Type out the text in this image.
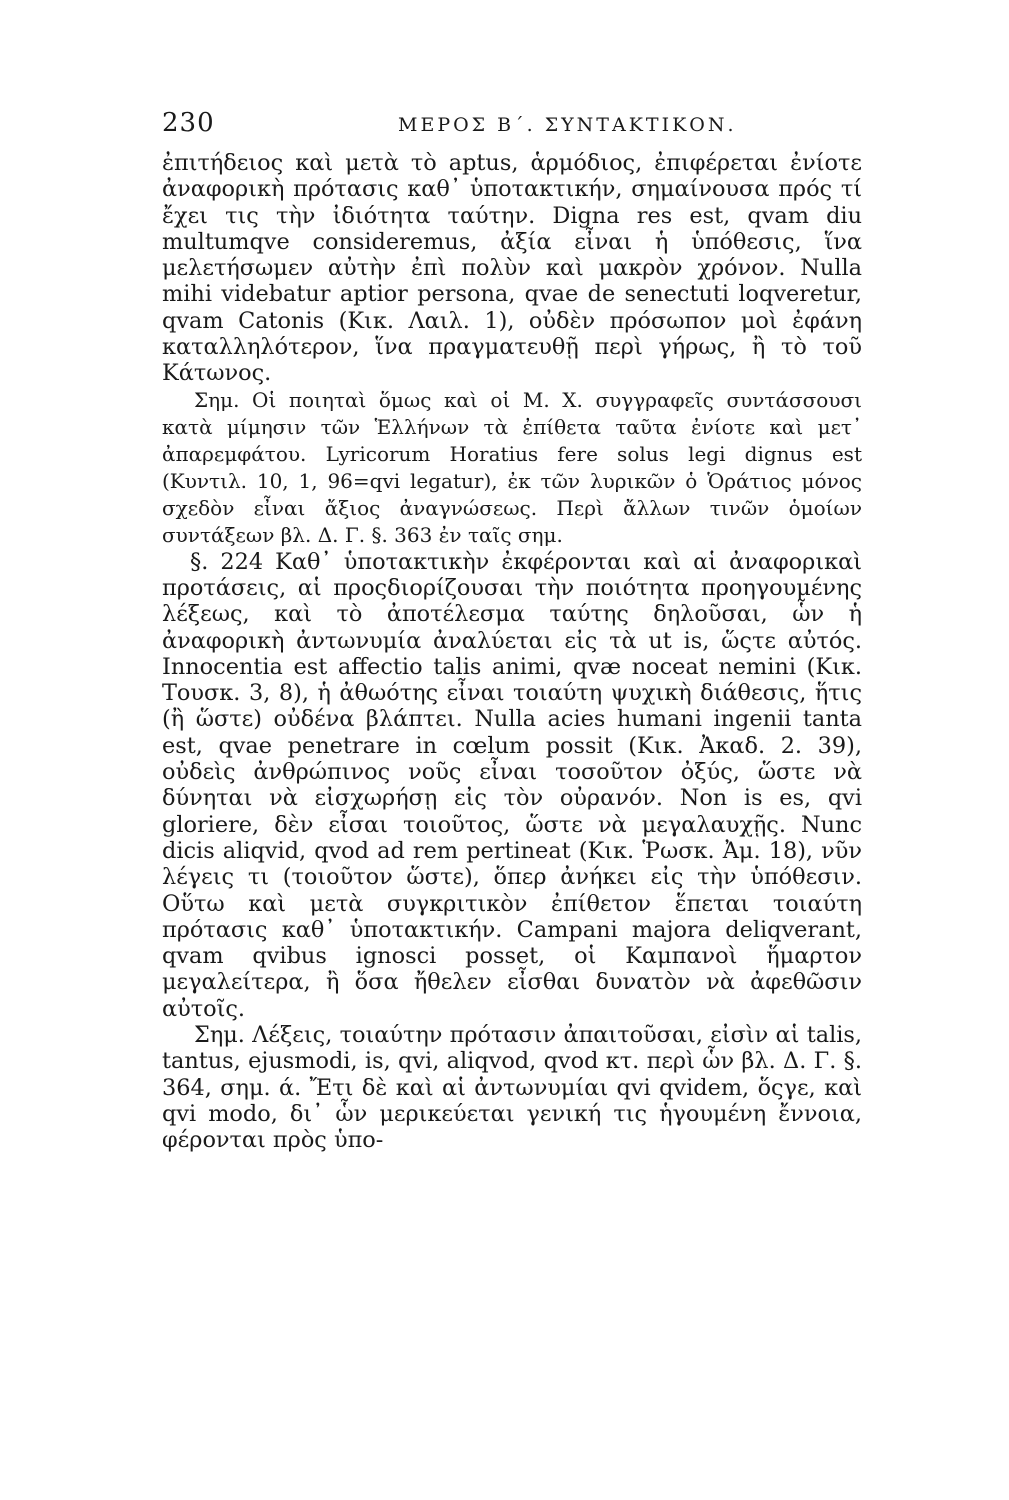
230	ΜΕΡΟΣ Β΄. ΣΥΝΤΑΚΤΙΚΟΝ.

ἐπιτήδειος καὶ μετὰ τὸ aptus, ἁρμόδιος, ἐπιφέρεται ἐνίοτε ἀναφορικὴ πρότασις καθ᾽ ὑποτακτικήν, σημαίνουσα πρός τί ἔχει τις τὴν ἰδιότητα ταύτην. Digna res est, qvam diu multumqve consideremus, ἀξία εἶναι ἡ ὑπόθεσις, ἵνα μελετήσωμεν αὐτὴν ἐπὶ πολὺν καὶ μακρὸν χρόνον. Nulla mihi videbatur aptior persona, qvae de senectuti loqveretur, qvam Catonis (Κικ. Λαιλ. 1), οὐδὲν πρόσωπον μοὶ ἐφάνη καταλληλότερον, ἵνα πραγματευθῇ περὶ γήρως, ἢ τὸ τοῦ Κάτωνος.

Σημ. Οἱ ποιηταὶ ὅμως καὶ οἱ Μ. Χ. συγγραφεῖς συντάσσουσι κατὰ μίμησιν τῶν Ἑλλήνων τὰ ἐπίθετα ταῦτα ἐνίοτε καὶ μετ᾽ ἀπαρεμφάτου. Lyricorum Horatius fere solus legi dignus est (Κυντιλ. 10, 1, 96=qvi legatur), ἐκ τῶν λυρικῶν ὁ Ὁράτιος μόνος σχεδὸν εἶναι ἄξιος ἀναγνώσεως. Περὶ ἄλλων τινῶν ὁμοίων συντάξεων βλ. Δ. Γ. §. 363 ἐν ταῖς σημ.

§. 224 Καθ᾽ ὑποτακτικὴν ἐκφέρονται καὶ αἱ ἀναφορικαὶ προτάσεις, αἱ προςδιορίζουσαι τὴν ποιότητα προηγουμένης λέξεως, καὶ τὸ ἀποτέλεσμα ταύτης δηλοῦσαι, ὧν ἡ ἀναφορικὴ ἀντωνυμία ἀναλύεται εἰς τὰ ut is, ὥςτε αὐτός. Innocentia est affectio talis animi, qvæ noceat nemini (Κικ. Τουσκ. 3, 8), ἡ ἀθωότης εἶναι τοιαύτη ψυχικὴ διάθεσις, ἥτις (ἢ ὥστε) οὐδένα βλάπτει. Nulla acies humani ingenii tanta est, qvae penetrare in cœlum possit (Κικ. Ἀκαδ. 2. 39), οὐδεὶς ἀνθρώπινος νοῦς εἶναι τοσοῦτον ὀξύς, ὥστε νὰ δύνηται νὰ εἰσχωρήσῃ εἰς τὸν οὐρανόν. Non is es, qvi gloriere, δὲν εἶσαι τοιοῦτος, ὥστε νὰ μεγαλαυχῇς. Nunc dicis aliqvid, qvod ad rem pertineat (Κικ. Ῥωσκ. Ἀμ. 18), νῦν λέγεις τι (τοιοῦτον ὥστε), ὅπερ ἀνήκει εἰς τὴν ὑπόθεσιν. Οὕτω καὶ μετὰ συγκριτικὸν ἐπίθετον ἕπεται τοιαύτη πρότασις καθ᾽ ὑποτακτικήν. Campani majora deliqverant, qvam qvibus ignosci posset, οἱ Καμπανοὶ ἥμαρτον μεγαλείτερα, ἢ ὅσα ἤθελεν εἶσθαι δυνατὸν νὰ ἀφεθῶσιν αὐτοῖς.

Σημ. Λέξεις, τοιαύτην πρότασιν ἀπαιτοῦσαι, εἰσὶν αἱ talis, tantus, ejusmodi, is, qvi, aliqvod, qvod κτ. περὶ ὧν βλ. Δ. Γ. §. 364, σημ. ά. Ἔτι δὲ καὶ αἱ ἀντωνυμίαι qvi qvidem, ὅςγε, καὶ qvi modo, δι᾽ ὧν μερικεύεται γενική τις ἡγουμένη ἔννοια, φέρονται πρὸς ὑπο-
